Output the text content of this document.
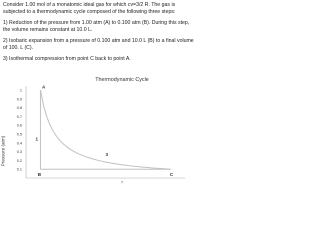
Consider 1.00 mol of a monatomic ideal gas for which cv=3/2 R. The gas is subjected to a thermodynamic cycle composed of the following three steps:

1) Reduction of the pressure from 1.00 atm (A) to 0.100 atm (B). During this step, the volume remains constant at 10.0 L.

2) Isobaric expansion from a pressure of 0.100 atm and 10.0 L (B) to a final volume of 100. L (C).

3) Isothermal compression from point C back to point A.

Thermodynamic Cycle
Pressure (atm)
1
0.9
0.8
0.7
0.6
0.5
0.4
0.3
0.2
0.1
?
A
B	C
1
3
